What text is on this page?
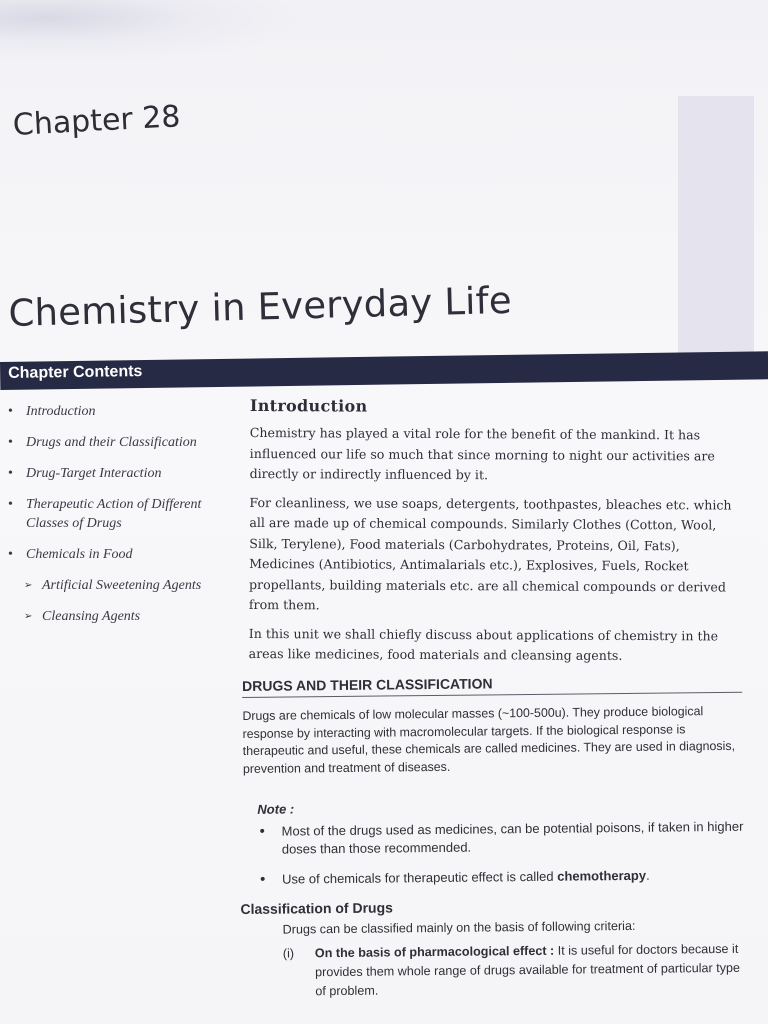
Chapter 28
Chemistry in Everyday Life
Chapter Contents
• Introduction
• Drugs and their Classification
• Drug-Target Interaction
• Therapeutic Action of Different Classes of Drugs
• Chemicals in Food
➢ Artificial Sweetening Agents
➢ Cleansing Agents
Introduction

Chemistry has played a vital role for the benefit of the mankind. It has influenced our life so much that since morning to night our activities are directly or indirectly influenced by it.

For cleanliness, we use soaps, detergents, toothpastes, bleaches etc. which all are made up of chemical compounds. Similarly Clothes (Cotton, Wool, Silk, Terylene), Food materials (Carbohydrates, Proteins, Oil, Fats), Medicines (Antibiotics, Antimalarials etc.), Explosives, Fuels, Rocket propellants, building materials etc. are all chemical compounds or derived from them.

In this unit we shall chiefly discuss about applications of chemistry in the areas like medicines, food materials and cleansing agents.

DRUGS AND THEIR CLASSIFICATION

Drugs are chemicals of low molecular masses (~100-500u). They produce biological response by interacting with macromolecular targets. If the biological response is therapeutic and useful, these chemicals are called medicines. They are used in diagnosis, prevention and treatment of diseases.

Note :
• Most of the drugs used as medicines, can be potential poisons, if taken in higher doses than those recommended.
• Use of chemicals for therapeutic effect is called chemotherapy.
Classification of Drugs
Drugs can be classified mainly on the basis of following criteria:
(i) On the basis of pharmacological effect : It is useful for doctors because it provides them whole range of drugs available for treatment of particular type of problem.
